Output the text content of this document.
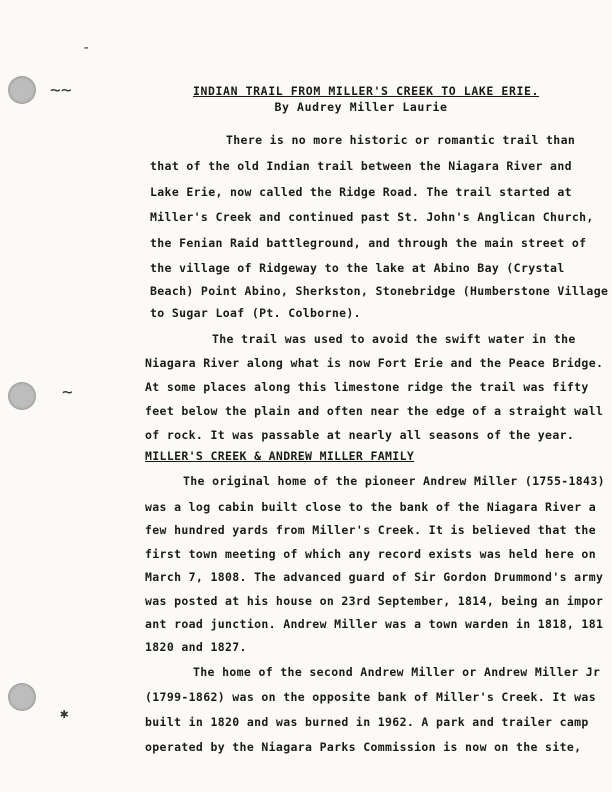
-
~~
~
✱
INDIAN TRAIL FROM MILLER'S CREEK TO LAKE ERIE.
By Audrey Miller Laurie
There is no more historic or romantic trail than
that of the old Indian trail between the Niagara River and
Lake Erie, now called the Ridge Road. The trail started at
Miller's Creek and continued past St. John's Anglican Church,
the Fenian Raid battleground, and through the main street of
the village of Ridgeway to the lake at Abino Bay (Crystal
Beach) Point Abino, Sherkston, Stonebridge (Humberstone Village
to Sugar Loaf (Pt. Colborne).
The trail was used to avoid the swift water in the
Niagara River along what is now Fort Erie and the Peace Bridge.
At some places along this limestone ridge the trail was fifty
feet below the plain and often near the edge of a straight wall
of rock. It was passable at nearly all seasons of the year.
MILLER'S CREEK & ANDREW MILLER FAMILY
The original home of the pioneer Andrew Miller (1755-1843)
was a log cabin built close to the bank of the Niagara River a
few hundred yards from Miller's Creek. It is believed that the
first town meeting of which any record exists was held here on
March 7, 1808. The advanced guard of Sir Gordon Drummond's army
was posted at his house on 23rd September, 1814, being an impor
ant road junction. Andrew Miller was a town warden in 1818, 181
1820 and 1827.
The home of the second Andrew Miller or Andrew Miller Jr
(1799-1862) was on the opposite bank of Miller's Creek. It was
built in 1820 and was burned in 1962. A park and trailer camp
operated by the Niagara Parks Commission is now on the site,
